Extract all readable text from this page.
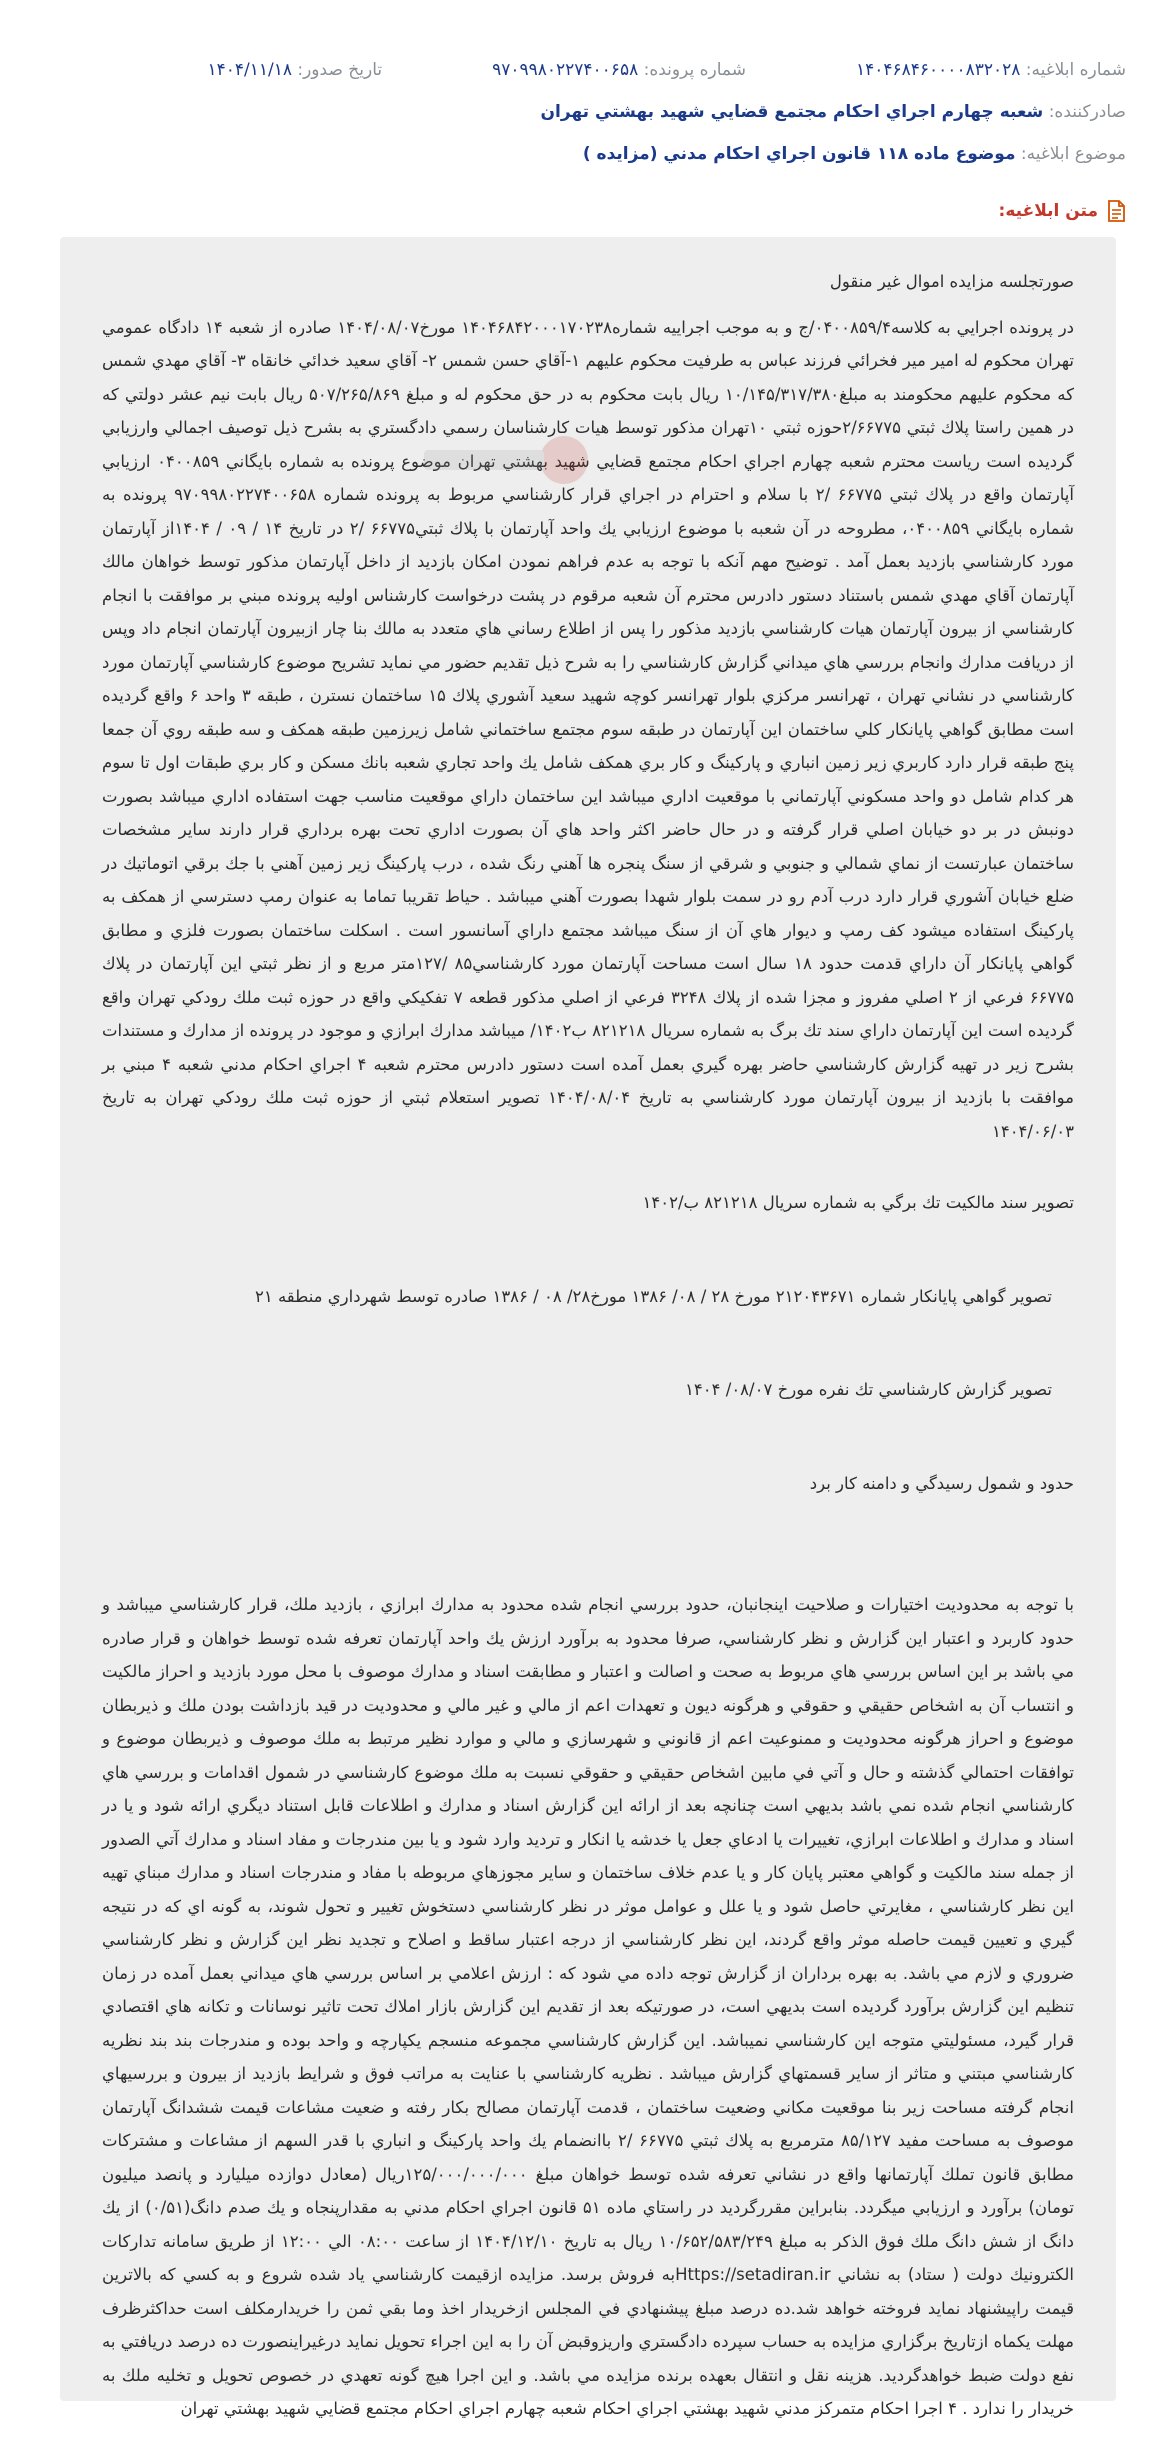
شماره ابلاغیه: ۱۴۰۴۶۸۴۶۰۰۰۰۸۳۲۰۲۸
شماره پرونده: ۹۷۰۹۹۸۰۲۲۷۴۰۰۶۵۸
تاریخ صدور: ۱۴۰۴/۱۱/۱۸
صادرکننده: شعبه چهارم اجراي احكام مجتمع قضايي شهيد بهشتي تهران
موضوع ابلاغیه: موضوع ماده ۱۱۸ قانون اجراي احكام مدني (مزايده )
متن ابلاغیه:

صورتجلسه مزايده اموال غير منقول

در پرونده اجرايي به كلاسه۰۴۰۰۸۵۹/۴/ج و به موجب اجراييه شماره۱۴۰۴۶۸۴۲۰۰۰۱۷۰۲۳۸ مورخ۱۴۰۴/۰۸/۰۷ صادره از شعبه ۱۴ دادگاه عمومي تهران محكوم له امير مير فخرائي فرزند عباس به طرفيت محكوم عليهم ۱-آقاي حسن شمس ۲- آقاي سعيد خدائي خانقاه ۳- آقاي مهدي شمس كه محكوم عليهم محكومند به مبلغ۱۰/۱۴۵/۳۱۷/۳۸۰ ريال بابت محكوم به در حق محكوم له و مبلغ ۵۰۷/۲۶۵/۸۶۹ ريال بابت نيم عشر دولتي كه در همين راستا پلاك ثبتي ۲/۶۶۷۷۵حوزه ثبتي ۱۰تهران مذكور توسط هيات كارشناسان رسمي دادگستري به بشرح ذيل توصيف اجمالي وارزيابي گرديده است رياست محترم شعبه چهارم اجراي احكام مجتمع قضايي شهيد بهشتي تهران موضوع پرونده به شماره بايگاني ۰۴۰۰۸۵۹ ارزيابي آپارتمان واقع در پلاك ثبتي ۶۶۷۷۵ /۲ با سلام و احترام در اجراي قرار كارشناسي مربوط به پرونده شماره ۹۷۰۹۹۸۰۲۲۷۴۰۰۶۵۸ پرونده به شماره بايگاني ۰۴۰۰۸۵۹، مطروحه در آن شعبه با موضوع ارزيابي يك واحد آپارتمان با پلاك ثبتي۶۶۷۷۵ /۲ در تاريخ ۱۴ / ۰۹ / ۱۴۰۴از آپارتمان مورد كارشناسي بازديد بعمل آمد . توضيح مهم آنكه با توجه به عدم فراهم نمودن امكان بازديد از داخل آپارتمان مذكور توسط خواهان مالك آپارتمان آقاي مهدي شمس باستناد دستور دادرس محترم آن شعبه مرقوم در پشت درخواست كارشناس اوليه پرونده مبني بر موافقت با انجام كارشناسي از بيرون آپارتمان هيات كارشناسي بازديد مذكور را پس از اطلاع رساني هاي متعدد به مالك بنا چار ازبيرون آپارتمان انجام داد وپس از دريافت مدارك وانجام بررسي هاي ميداني گزارش كارشناسي را به شرح ذيل تقديم حضور مي نمايد تشريح موضوع كارشناسي آپارتمان مورد كارشناسي در نشاني تهران ، تهرانسر مركزي بلوار تهرانسر كوچه شهيد سعيد آشوري پلاك ۱۵ ساختمان نسترن ، طبقه ۳ واحد ۶ واقع گرديده است مطابق گواهي پايانكار كلي ساختمان اين آپارتمان در طبقه سوم مجتمع ساختماني شامل زيرزمين طبقه همكف و سه طبقه روي آن جمعا پنج طبقه قرار دارد كاربري زير زمين انباري و پاركينگ و كار بري همكف شامل يك واحد تجاري شعبه بانك مسكن و كار بري طبقات اول تا سوم هر كدام شامل دو واحد مسكوني آپارتماني با موقعيت اداري ميباشد اين ساختمان داراي موقعيت مناسب جهت استفاده اداري ميباشد بصورت دونبش در بر دو خيابان اصلي قرار گرفته و در حال حاضر اكثر واحد هاي آن بصورت اداري تحت بهره برداري قرار دارند ساير مشخصات ساختمان عبارتست از نماي شمالي و جنوبي و شرقي از سنگ پنجره ها آهني رنگ شده ، درب پاركينگ زير زمين آهني با جك برقي اتوماتيك در ضلع خيابان آشوري قرار دارد درب آدم رو در سمت بلوار شهدا بصورت آهني ميباشد . حياط تقريبا تماما به عنوان رمپ دسترسي از همكف به پاركينگ استفاده ميشود كف رمپ و ديوار هاي آن از سنگ ميباشد مجتمع داراي آسانسور است . اسكلت ساختمان بصورت فلزي و مطابق گواهي پايانكار آن داراي قدمت حدود ۱۸ سال است مساحت آپارتمان مورد كارشناسي۸۵ /۱۲۷متر مربع و از نظر ثبتي اين آپارتمان در پلاك ۶۶۷۷۵ فرعي از ۲ اصلي مفروز و مجزا شده از پلاك ۳۲۴۸ فرعي از اصلي مذكور قطعه ۷ تفكيكي واقع در حوزه ثبت ملك رودكي تهران واقع گرديده است اين آپارتمان داراي سند تك برگ به شماره سريال ۸۲۱۲۱۸ ب۱۴۰۲/ ميباشد مدارك ابرازي و موجود در پرونده از مدارك و مستندات بشرح زير در تهيه گزارش كارشناسي حاضر بهره گيري بعمل آمده است دستور دادرس محترم شعبه ۴ اجراي احكام مدني شعبه ۴ مبني بر موافقت با بازديد از بيرون آپارتمان مورد كارشناسي به تاريخ ۱۴۰۴/۰۸/۰۴ تصوير استعلام ثبتي از حوزه ثبت ملك رودكي تهران به تاريخ ۱۴۰۴/۰۶/۰۳

تصوير سند مالكيت تك برگي به شماره سريال ۸۲۱۲۱۸ ب/۱۴۰۲

تصوير گواهي پايانكار شماره ۲۱۲۰۴۳۶۷۱ مورخ ۲۸ / ۰۸/ ۱۳۸۶ مورخ۲۸/ ۰۸ / ۱۳۸۶ صادره توسط شهرداري منطقه ۲۱

تصوير گزارش كارشناسي تك نفره مورخ ۰۸/۰۷/ ۱۴۰۴

حدود و شمول رسيدگي و دامنه كار برد

با توجه به محدوديت اختيارات و صلاحيت اينجانبان، حدود بررسي انجام شده محدود به مدارك ابرازي ، بازديد ملك، قرار كارشناسي ميباشد و حدود كاربرد و اعتبار اين گزارش و نظر كارشناسي، صرفا محدود به برآورد ارزش يك واحد آپارتمان تعرفه شده توسط خواهان و قرار صادره مي باشد بر اين اساس بررسي هاي مربوط به صحت و اصالت و اعتبار و مطابقت اسناد و مدارك موصوف با محل مورد بازديد و احراز مالكيت و انتساب آن به اشخاص حقيقي و حقوقي و هرگونه ديون و تعهدات اعم از مالي و غير مالي و محدوديت در قيد بازداشت بودن ملك و ذيربطان موضوع و احراز هرگونه محدوديت و ممنوعيت اعم از قانوني و شهرسازي و مالي و موارد نظير مرتبط به ملك موصوف و ذيربطان موضوع و توافقات احتمالي گذشته و حال و آتي في مابين اشخاص حقيقي و حقوقي نسبت به ملك موضوع كارشناسي در شمول اقدامات و بررسي هاي كارشناسي انجام شده نمي باشد بديهي است چنانچه بعد از ارائه اين گزارش اسناد و مدارك و اطلاعات قابل استناد ديگري ارائه شود و يا در اسناد و مدارك و اطلاعات ابرازي، تغييرات يا ادعاي جعل يا خدشه يا انكار و ترديد وارد شود و يا بين مندرجات و مفاد اسناد و مدارك آتي الصدور از جمله سند مالكيت و گواهي معتبر پايان كار و يا عدم خلاف ساختمان و ساير مجوزهاي مربوطه با مفاد و مندرجات اسناد و مدارك مبناي تهيه اين نظر كارشناسي ، مغايرتي حاصل شود و يا علل و عوامل موثر در نظر كارشناسي دستخوش تغيير و تحول شوند، به گونه اي كه در نتيجه گيري و تعيين قيمت حاصله موثر واقع گردند، اين نظر كارشناسي از درجه اعتبار ساقط و اصلاح و تجديد نظر اين گزارش و نظر كارشناسي ضروري و لازم مي باشد. به بهره برداران از گزارش توجه داده مي شود كه : ارزش اعلامي بر اساس بررسي هاي ميداني بعمل آمده در زمان تنظيم اين گزارش برآورد گرديده است بديهي است، در صورتيكه بعد از تقديم اين گزارش بازار املاك تحت تاثير نوسانات و تكانه هاي اقتصادي قرار گيرد، مسئوليتي متوجه اين كارشناسي نميباشد. اين گزارش كارشناسي مجموعه منسجم يكپارچه و واحد بوده و مندرجات بند بند نظريه كارشناسي مبتني و متاثر از ساير قسمتهاي گزارش ميباشد . نظريه كارشناسي با عنايت به مراتب فوق و شرايط بازديد از بيرون و بررسيهاي انجام گرفته مساحت زير بنا موقعيت مكاني وضعيت ساختمان ، قدمت آپارتمان مصالح بكار رفته و ضعيت مشاعات قيمت ششدانگ آپارتمان موصوف به مساحت مفيد ۸۵/۱۲۷ مترمربع به پلاك ثبتي ۶۶۷۷۵ /۲ باانضمام يك واحد پاركينگ و انباري با قدر السهم از مشاعات و مشتركات مطابق قانون تملك آپارتمانها واقع در نشاني تعرفه شده توسط خواهان مبلغ ۱۲۵/۰۰۰/۰۰۰/۰۰۰ريال (معادل دوازده ميليارد و پانصد ميليون تومان) برآورد و ارزيابي ميگردد. بنابراين مقررگرديد در راستاي ماده ۵۱ قانون اجراي احكام مدني به مقدارپنجاه و يك صدم دانگ(۰/۵۱) از يك دانگ از شش دانگ ملك فوق الذكر به مبلغ ۱۰/۶۵۲/۵۸۳/۲۴۹ ريال به تاريخ ۱۴۰۴/۱۲/۱۰ از ساعت ۰۸:۰۰ الي ۱۲:۰۰ از طريق سامانه تداركات الكترونيك دولت ( ستاد) به نشاني Https://setadiran.irبه فروش برسد. مزايده ازقيمت كارشناسي ياد شده شروع و به كسي كه بالاترين قيمت راپيشنهاد نمايد فروخته خواهد شد.ده درصد مبلغ پيشنهادي في المجلس ازخريدار اخذ وما بقي ثمن را خريدارمكلف است حداكثرظرف مهلت يكماه ازتاريخ برگزاري مزايده به حساب سپرده دادگستري واريزوقبض آن را به اين اجراء تحويل نمايد درغيراينصورت ده درصد دريافتي به نفع دولت ضبط خواهدگرديد. هزينه نقل و انتقال بعهده برنده مزايده مي باشد. و اين اجرا هيچ گونه تعهدي در خصوص تحويل و تخليه ملك به خريدار را ندارد . ۴ اجرا احكام متمركز مدني شهيد بهشتي اجراي احكام شعبه چهارم اجراي احكام مجتمع قضايي شهيد بهشتي تهران
